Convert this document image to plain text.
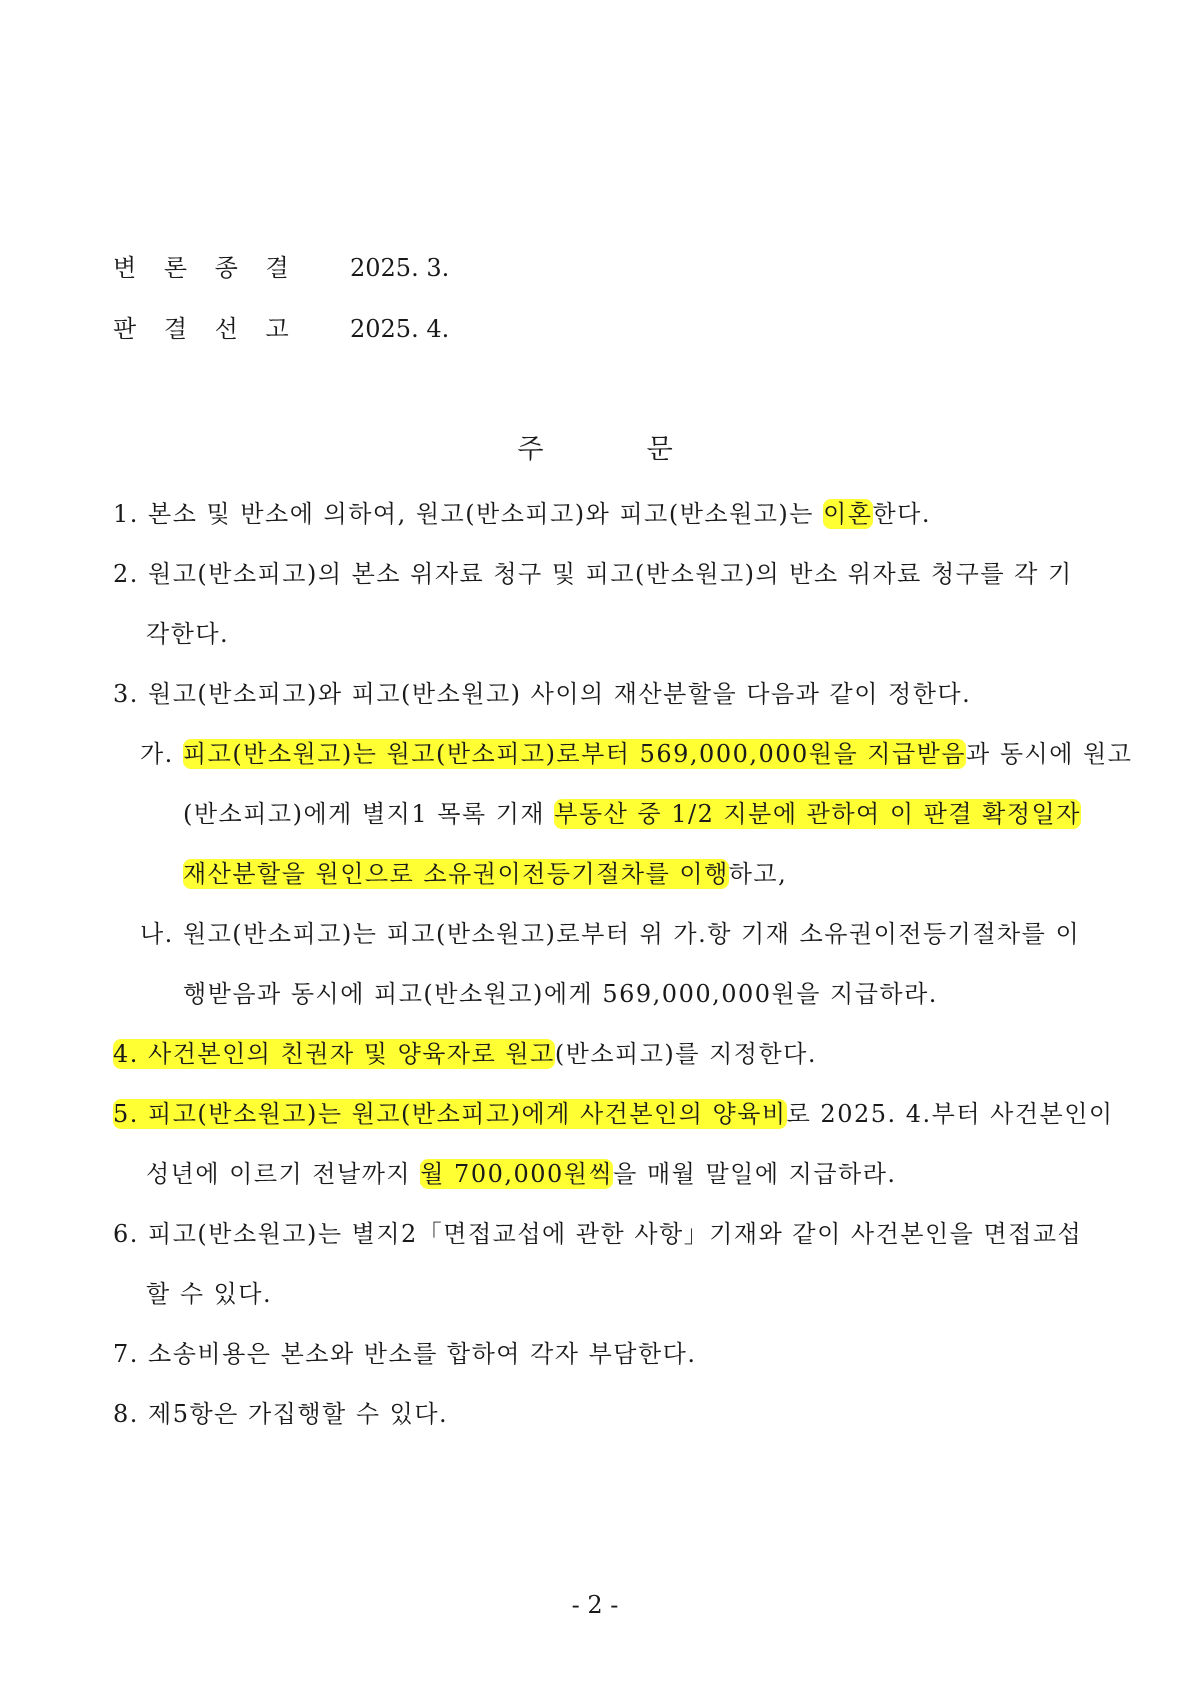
변 론 종 결 2025. 3.
판 결 선 고 2025. 4.
주	문
1. 본소 및 반소에 의하여, 원고(반소피고)와 피고(반소원고)는 이혼한다.
2. 원고(반소피고)의 본소 위자료 청구 및 피고(반소원고)의 반소 위자료 청구를 각 기
각한다.
3. 원고(반소피고)와 피고(반소원고) 사이의 재산분할을 다음과 같이 정한다.
가. 피고(반소원고)는 원고(반소피고)로부터 569,000,000원을 지급받음과 동시에 원고
(반소피고)에게 별지1 목록 기재 부동산 중 1/2 지분에 관하여 이 판결 확정일자
재산분할을 원인으로 소유권이전등기절차를 이행하고,
나. 원고(반소피고)는 피고(반소원고)로부터 위 가.항 기재 소유권이전등기절차를 이
행받음과 동시에 피고(반소원고)에게 569,000,000원을 지급하라.
4. 사건본인의 친권자 및 양육자로 원고(반소피고)를 지정한다.
5. 피고(반소원고)는 원고(반소피고)에게 사건본인의 양육비로 2025. 4.부터 사건본인이
성년에 이르기 전날까지 월 700,000원씩을 매월 말일에 지급하라.
6. 피고(반소원고)는 별지2「면접교섭에 관한 사항」기재와 같이 사건본인을 면접교섭
할 수 있다.
7. 소송비용은 본소와 반소를 합하여 각자 부담한다.
8. 제5항은 가집행할 수 있다.
- 2 -
